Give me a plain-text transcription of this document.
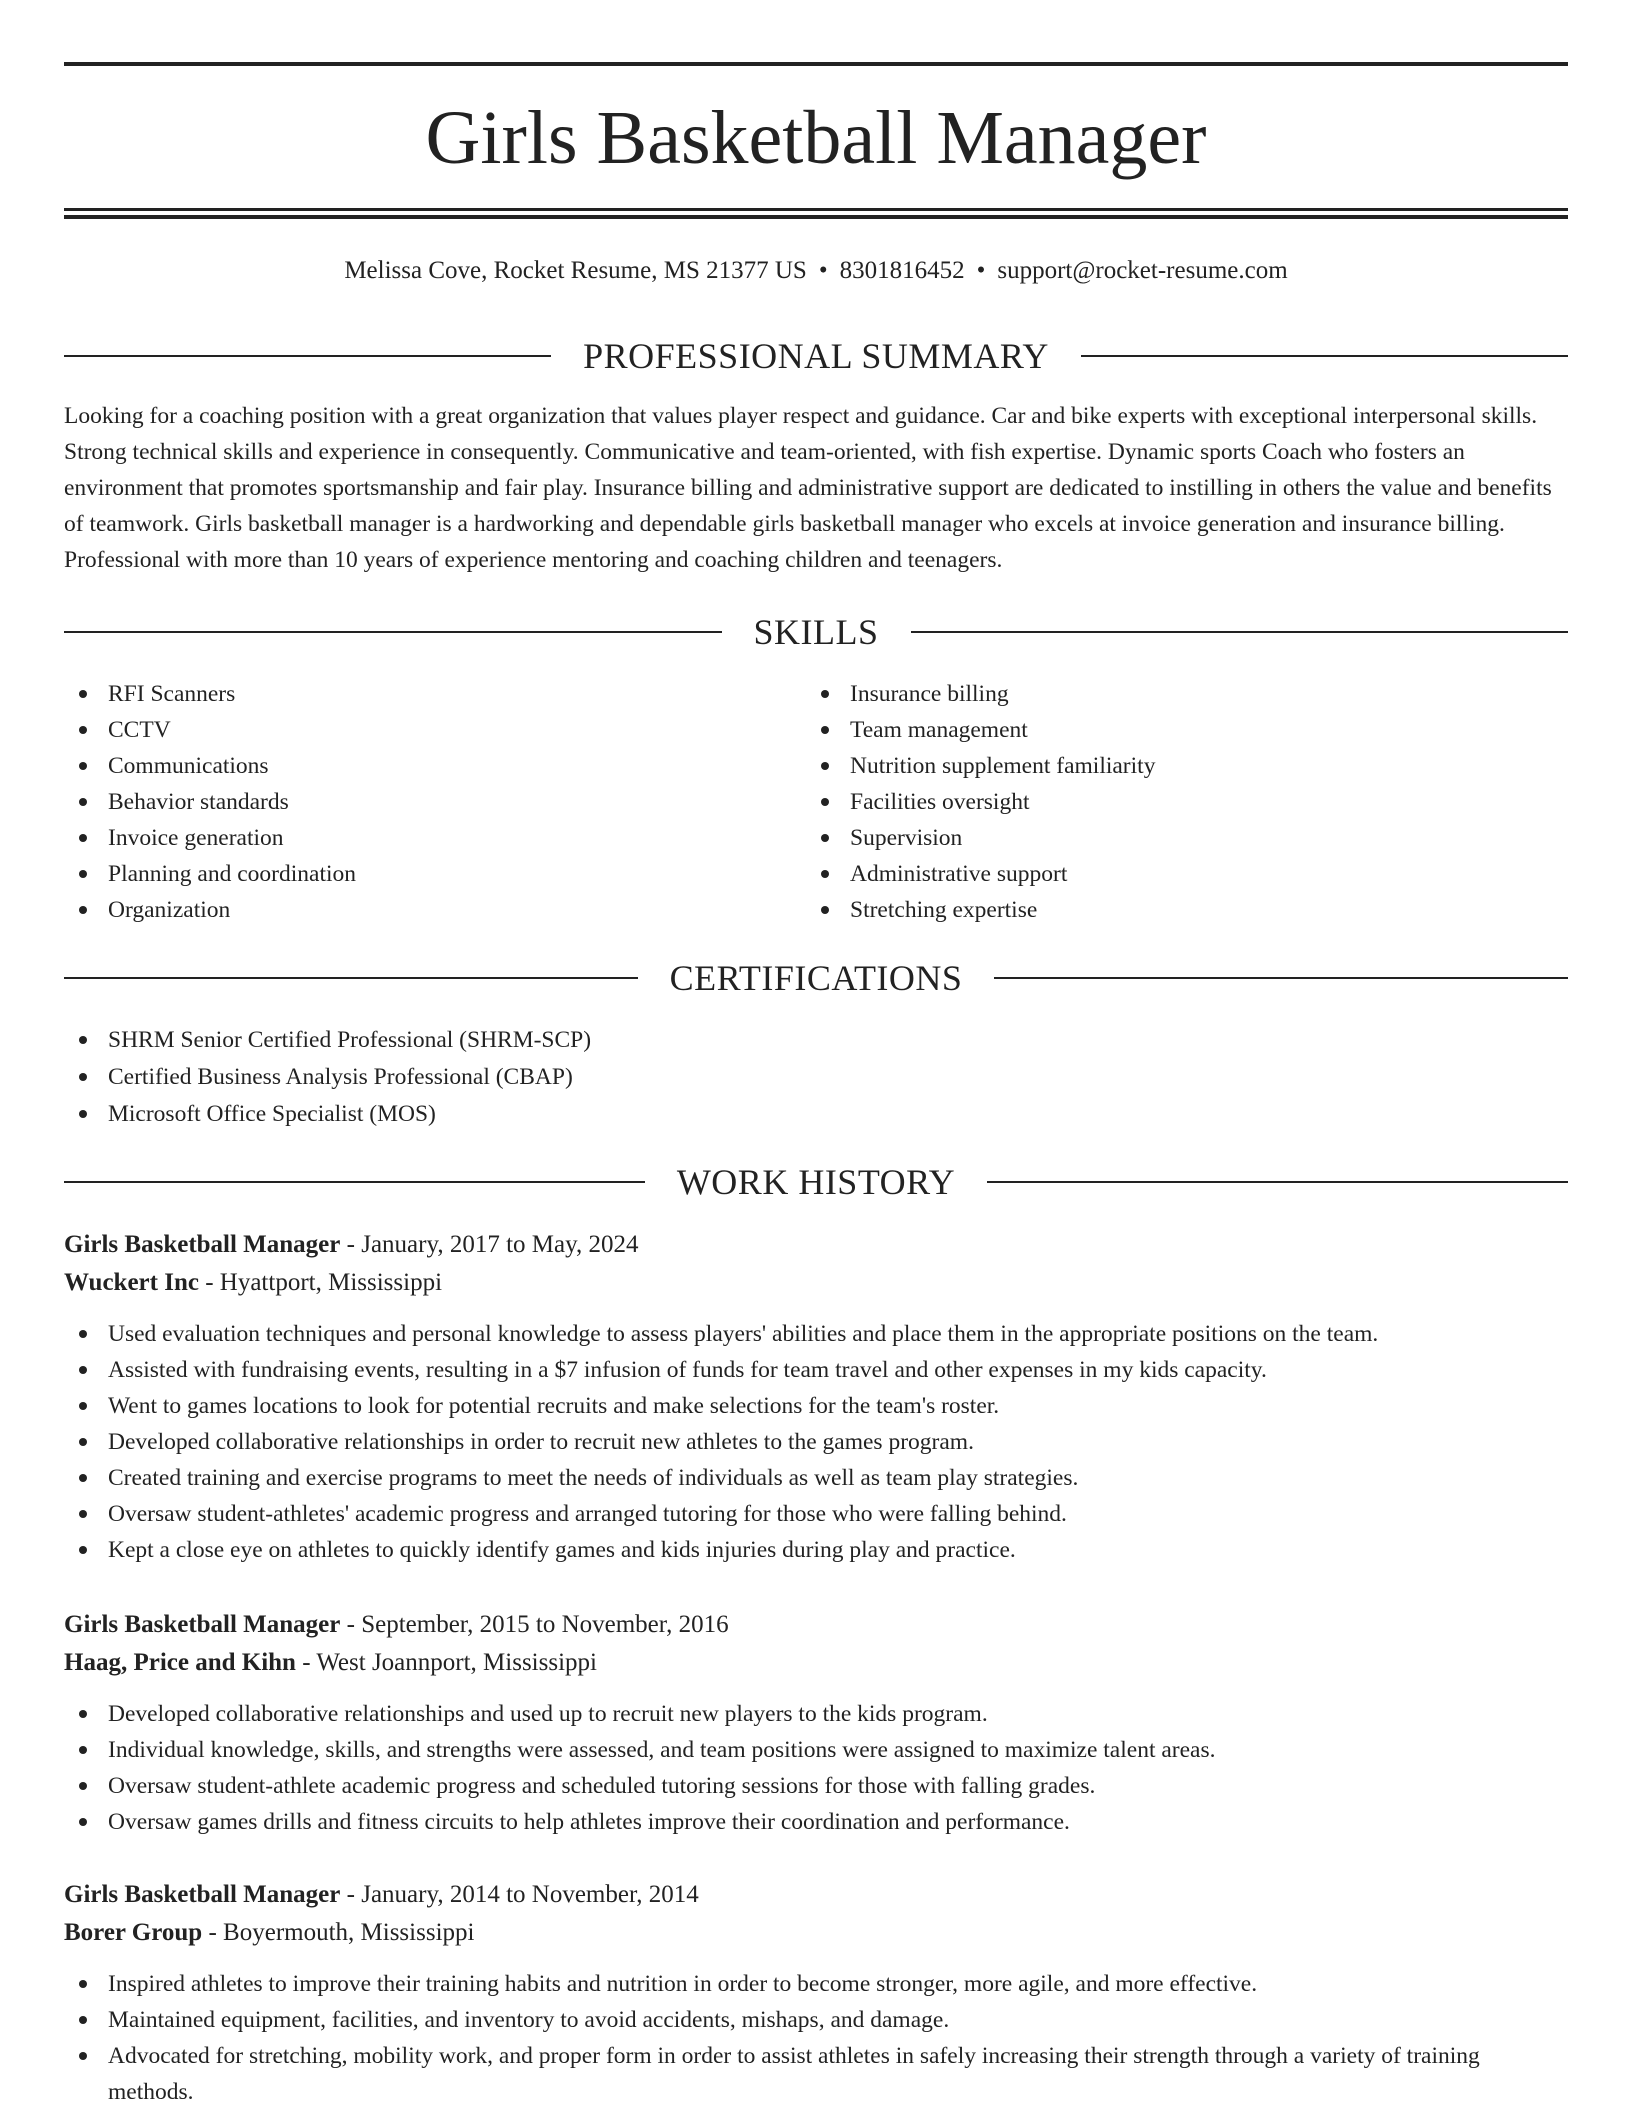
Girls Basketball Manager
Melissa Cove, Rocket Resume, MS 21377 US • 8301816452 • support@rocket-resume.com
PROFESSIONAL SUMMARY

Looking for a coaching position with a great organization that values player respect and guidance. Car and bike experts with exceptional interpersonal skills. Strong technical skills and experience in consequently. Communicative and team-oriented, with fish expertise. Dynamic sports Coach who fosters an environment that promotes sportsmanship and fair play. Insurance billing and administrative support are dedicated to instilling in others the value and benefits of teamwork. Girls basketball manager is a hardworking and dependable girls basketball manager who excels at invoice generation and insurance billing. Professional with more than 10 years of experience mentoring and coaching children and teenagers.

SKILLS
RFI Scanners
CCTV
Communications
Behavior standards
Invoice generation
Planning and coordination
Organization
Insurance billing
Team management
Nutrition supplement familiarity
Facilities oversight
Supervision
Administrative support
Stretching expertise
CERTIFICATIONS
SHRM Senior Certified Professional (SHRM-SCP)
Certified Business Analysis Professional (CBAP)
Microsoft Office Specialist (MOS)
WORK HISTORY
Girls Basketball Manager - January, 2017 to May, 2024
Wuckert Inc - Hyattport, Mississippi
Used evaluation techniques and personal knowledge to assess players' abilities and place them in the appropriate positions on the team.
Assisted with fundraising events, resulting in a $7 infusion of funds for team travel and other expenses in my kids capacity.
Went to games locations to look for potential recruits and make selections for the team's roster.
Developed collaborative relationships in order to recruit new athletes to the games program.
Created training and exercise programs to meet the needs of individuals as well as team play strategies.
Oversaw student-athletes' academic progress and arranged tutoring for those who were falling behind.
Kept a close eye on athletes to quickly identify games and kids injuries during play and practice.
Girls Basketball Manager - September, 2015 to November, 2016
Haag, Price and Kihn - West Joannport, Mississippi
Developed collaborative relationships and used up to recruit new players to the kids program.
Individual knowledge, skills, and strengths were assessed, and team positions were assigned to maximize talent areas.
Oversaw student-athlete academic progress and scheduled tutoring sessions for those with falling grades.
Oversaw games drills and fitness circuits to help athletes improve their coordination and performance.
Girls Basketball Manager - January, 2014 to November, 2014
Borer Group - Boyermouth, Mississippi
Inspired athletes to improve their training habits and nutrition in order to become stronger, more agile, and more effective.
Maintained equipment, facilities, and inventory to avoid accidents, mishaps, and damage.
Advocated for stretching, mobility work, and proper form in order to assist athletes in safely increasing their strength through a variety of training methods.
